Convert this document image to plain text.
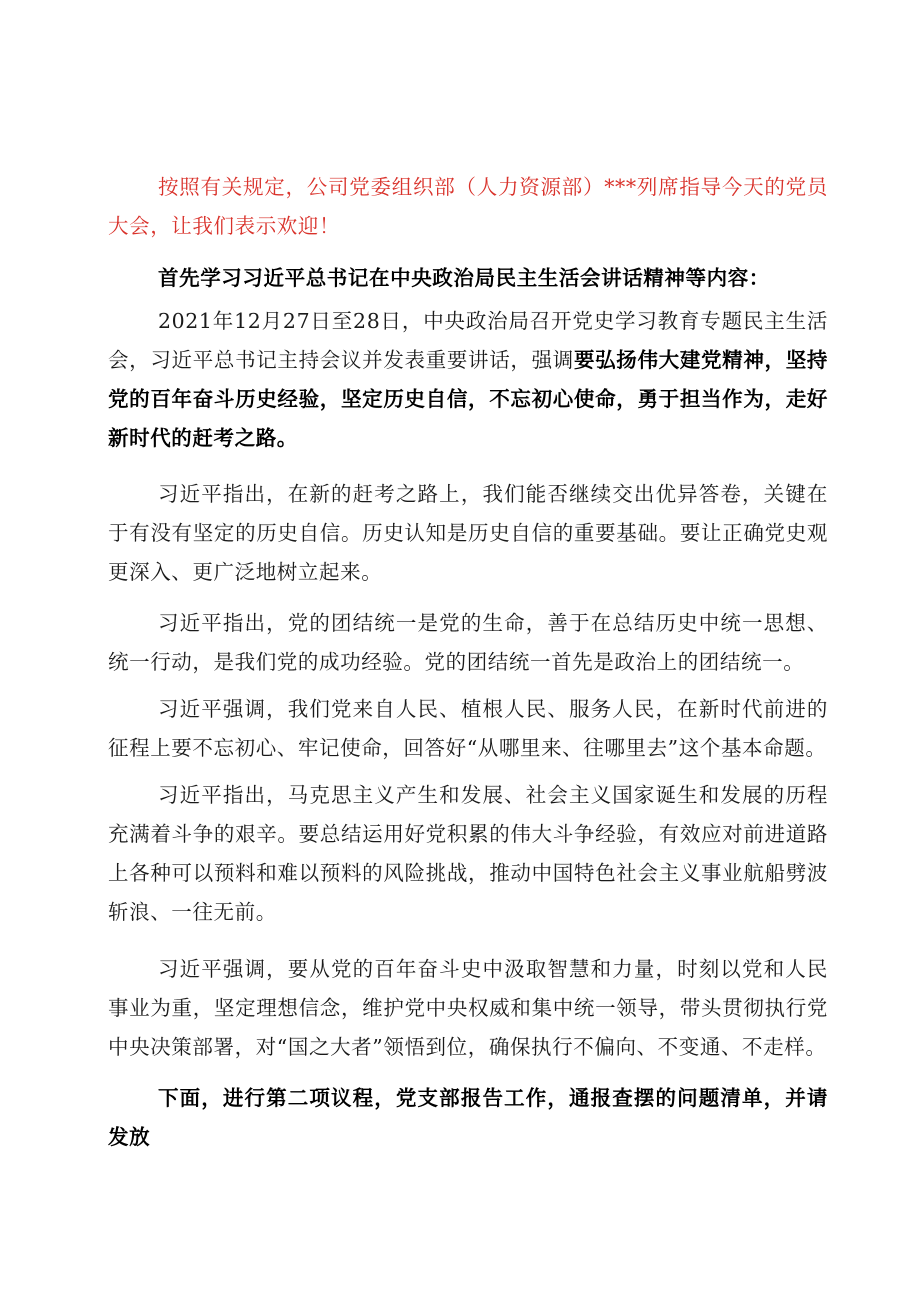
按照有关规定，公司党委组织部（人力资源部）***列席指导今天的党员大会，让我们表示欢迎！

首先学习习近平总书记在中央政治局民主生活会讲话精神等内容：

2021年12月27日至28日，中央政治局召开党史学习教育专题民主生活会，习近平总书记主持会议并发表重要讲话，强调要弘扬伟大建党精神，坚持党的百年奋斗历史经验，坚定历史自信，不忘初心使命，勇于担当作为，走好新时代的赶考之路。

习近平指出，在新的赶考之路上，我们能否继续交出优异答卷，关键在于有没有坚定的历史自信。历史认知是历史自信的重要基础。要让正确党史观更深入、更广泛地树立起来。

习近平指出，党的团结统一是党的生命，善于在总结历史中统一思想、统一行动，是我们党的成功经验。党的团结统一首先是政治上的团结统一。

习近平强调，我们党来自人民、植根人民、服务人民，在新时代前进的征程上要不忘初心、牢记使命，回答好“从哪里来、往哪里去”这个基本命题。

习近平指出，马克思主义产生和发展、社会主义国家诞生和发展的历程充满着斗争的艰辛。要总结运用好党积累的伟大斗争经验，有效应对前进道路上各种可以预料和难以预料的风险挑战，推动中国特色社会主义事业航船劈波斩浪、一往无前。

习近平强调，要从党的百年奋斗史中汲取智慧和力量，时刻以党和人民事业为重，坚定理想信念，维护党中央权威和集中统一领导，带头贯彻执行党中央决策部署，对“国之大者”领悟到位，确保执行不偏向、不变通、不走样。

下面，进行第二项议程，党支部报告工作，通报查摆的问题清单，并请发放
